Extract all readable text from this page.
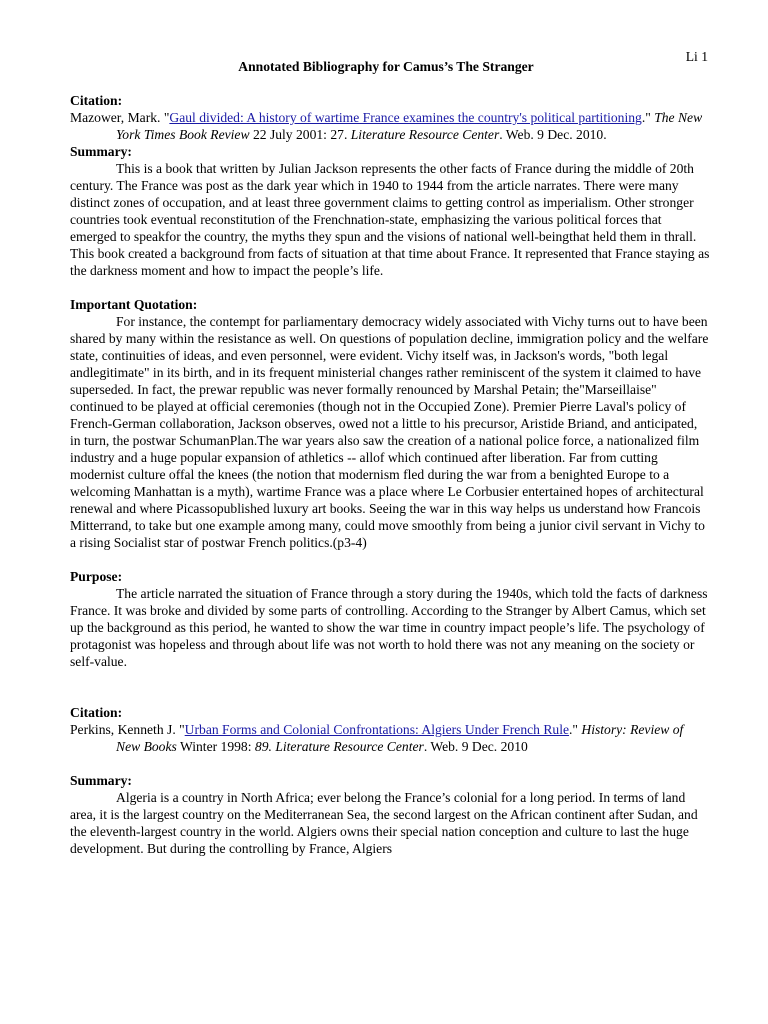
Li 1
Annotated Bibliography for Camus’s The Stranger
Citation:
Mazower, Mark. "Gaul divided: A history of wartime France examines the country's political partitioning." The New York Times Book Review 22 July 2001: 27. Literature Resource Center. Web. 9 Dec. 2010.
Summary:
This is a book that written by Julian Jackson represents the other facts of France during the middle of 20th century. The France was post as the dark year which in 1940 to 1944 from the article narrates. There were many distinct zones of occupation, and at least three government claims to getting control as imperialism. Other stronger countries took eventual reconstitution of the Frenchnation-state, emphasizing the various political forces that emerged to speakfor the country, the myths they spun and the visions of national well-beingthat held them in thrall. This book created a background from facts of situation at that time about France. It represented that France staying as the darkness moment and how to impact the people’s life.
Important Quotation:
For instance, the contempt for parliamentary democracy widely associated with Vichy turns out to have been shared by many within the resistance as well. On questions of population decline, immigration policy and the welfare state, continuities of ideas, and even personnel, were evident. Vichy itself was, in Jackson's words, "both legal andlegitimate" in its birth, and in its frequent ministerial changes rather reminiscent of the system it claimed to have superseded. In fact, the prewar republic was never formally renounced by Marshal Petain; the"Marseillaise" continued to be played at official ceremonies (though not in the Occupied Zone). Premier Pierre Laval's policy of French-German collaboration, Jackson observes, owed not a little to his precursor, Aristide Briand, and anticipated, in turn, the postwar SchumanPlan.The war years also saw the creation of a national police force, a nationalized film industry and a huge popular expansion of athletics -- allof which continued after liberation. Far from cutting modernist culture offal the knees (the notion that modernism fled during the war from a benighted Europe to a welcoming Manhattan is a myth), wartime France was a place where Le Corbusier entertained hopes of architectural renewal and where Picassopublished luxury art books. Seeing the war in this way helps us understand how Francois Mitterrand, to take but one example among many, could move smoothly from being a junior civil servant in Vichy to a rising Socialist star of postwar French politics.(p3-4)
Purpose:
The article narrated the situation of France through a story during the 1940s, which told the facts of darkness France. It was broke and divided by some parts of controlling. According to the Stranger by Albert Camus, which set up the background as this period, he wanted to show the war time in country impact people’s life. The psychology of protagonist was hopeless and through about life was not worth to hold there was not any meaning on the society or self-value.
Citation:
Perkins, Kenneth J. "Urban Forms and Colonial Confrontations: Algiers Under French Rule." History: Review of New Books Winter 1998: 89. Literature Resource Center. Web. 9 Dec. 2010
Summary:
Algeria is a country in North Africa; ever belong the France’s colonial for a long period. In terms of land area, it is the largest country on the Mediterranean Sea, the second largest on the African continent after Sudan, and the eleventh-largest country in the world. Algiers owns their special nation conception and culture to last the huge development. But during the controlling by France, Algiers
